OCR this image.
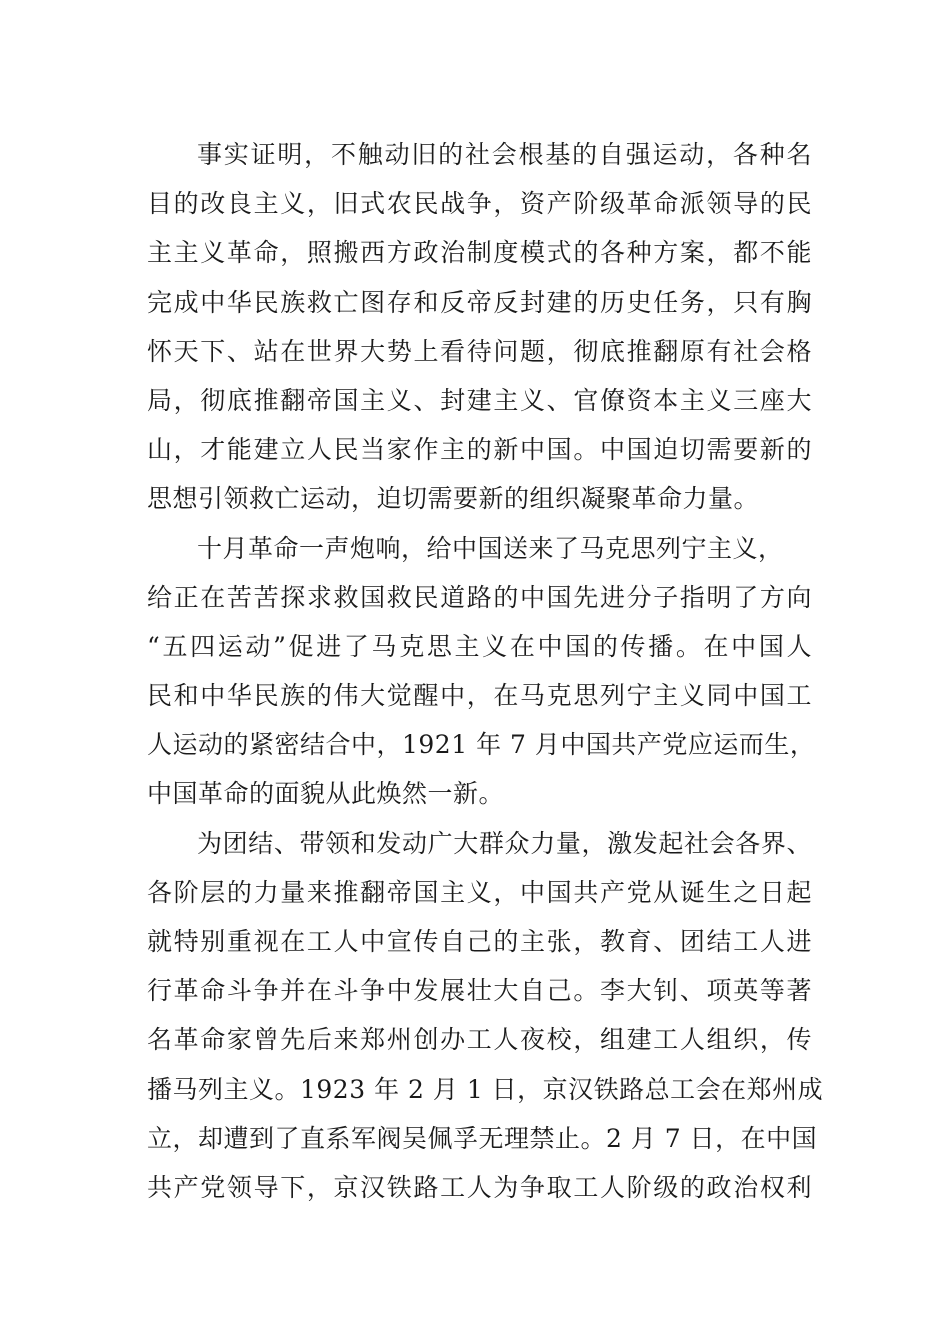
事实证明，不触动旧的社会根基的自强运动，各种名
目的改良主义，旧式农民战争，资产阶级革命派领导的民
主主义革命，照搬西方政治制度模式的各种方案，都不能
完成中华民族救亡图存和反帝反封建的历史任务，只有胸
怀天下、站在世界大势上看待问题，彻底推翻原有社会格
局，彻底推翻帝国主义、封建主义、官僚资本主义三座大
山，才能建立人民当家作主的新中国。中国迫切需要新的
思想引领救亡运动，迫切需要新的组织凝聚革命力量。
十月革命一声炮响，给中国送来了马克思列宁主义，
给正在苦苦探求救国救民道路的中国先进分子指明了方向
“五四运动”促进了马克思主义在中国的传播。在中国人
民和中华民族的伟大觉醒中，在马克思列宁主义同中国工
人运动的紧密结合中，1921 年 7 月中国共产党应运而生，
中国革命的面貌从此焕然一新。
为团结、带领和发动广大群众力量，激发起社会各界、
各阶层的力量来推翻帝国主义，中国共产党从诞生之日起
就特别重视在工人中宣传自己的主张，教育、团结工人进
行革命斗争并在斗争中发展壮大自己。李大钊、项英等著
名革命家曾先后来郑州创办工人夜校，组建工人组织，传
播马列主义。1923 年 2 月 1 日，京汉铁路总工会在郑州成
立，却遭到了直系军阀吴佩孚无理禁止。2 月 7 日，在中国
共产党领导下，京汉铁路工人为争取工人阶级的政治权利
